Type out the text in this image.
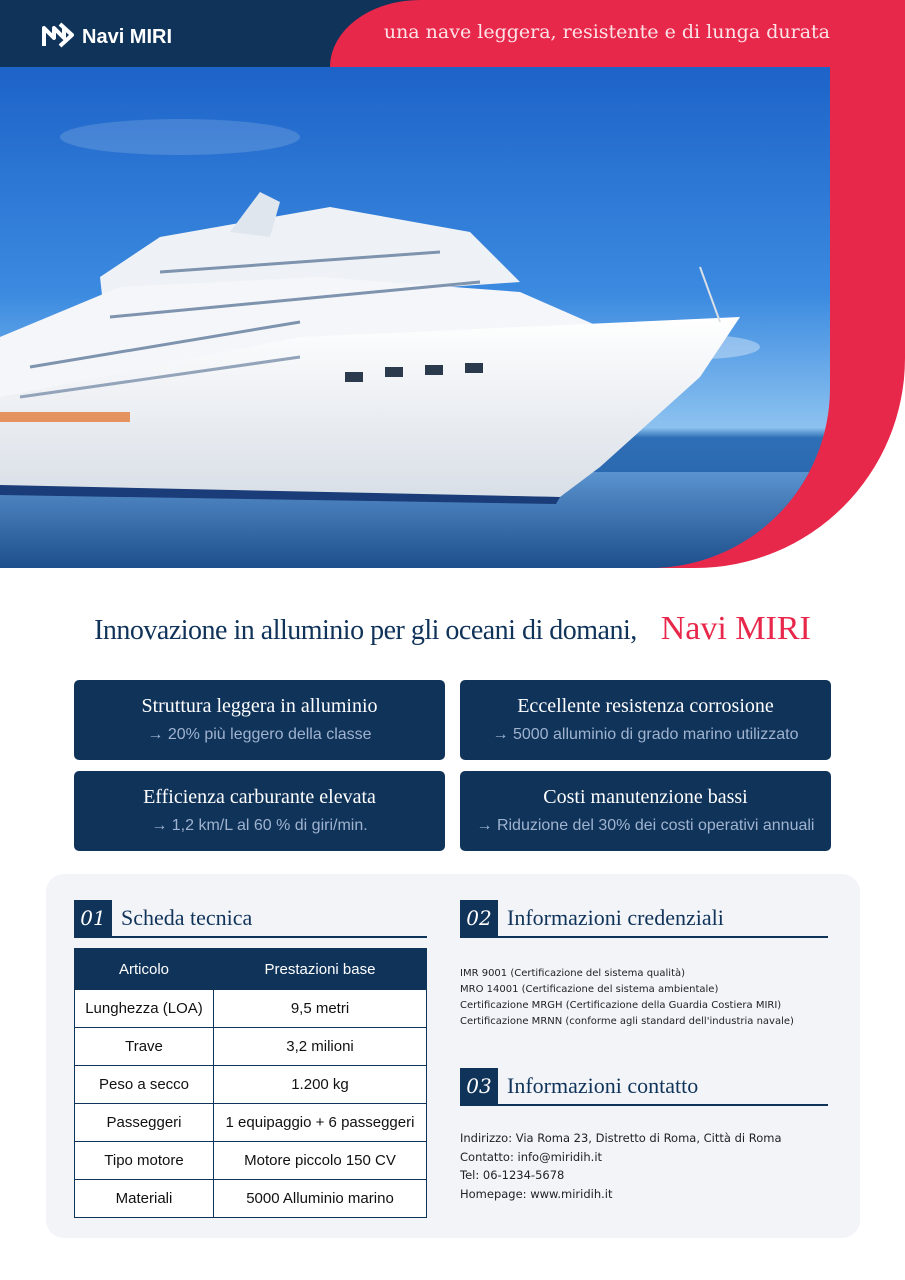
Navi MIRI	una nave leggera, resistente e di lunga durata
Innovazione in alluminio per gli oceani di domani, Navi MIRI
Struttura leggera in alluminio
→ 20% più leggero della classe
Eccellente resistenza corrosione
→ 5000 alluminio di grado marino utilizzato
Efficienza carburante elevata
→ 1,2 km/L al 60 % di giri/min.
Costi manutenzione bassi
→ Riduzione del 30% dei costi operativi annuali
01 Scheda tecnica
Articolo	Prestazioni base
Lunghezza (LOA)	9,5 metri
Trave	3,2 milioni
Peso a secco	1.200 kg
Passeggeri	1 equipaggio + 6 passeggeri
Tipo motore	Motore piccolo 150 CV
Materiali	5000 Alluminio marino
02 Informazioni credenziali
IMR 9001 (Certificazione del sistema qualità)
MRO 14001 (Certificazione del sistema ambientale)
Certificazione MRGH (Certificazione della Guardia Costiera MIRI)
Certificazione MRNN (conforme agli standard dell'industria navale)
03 Informazioni contatto
Indirizzo: Via Roma 23, Distretto di Roma, Città di Roma
Contatto: info@miridih.it
Tel: 06-1234-5678
Homepage: www.miridih.it
